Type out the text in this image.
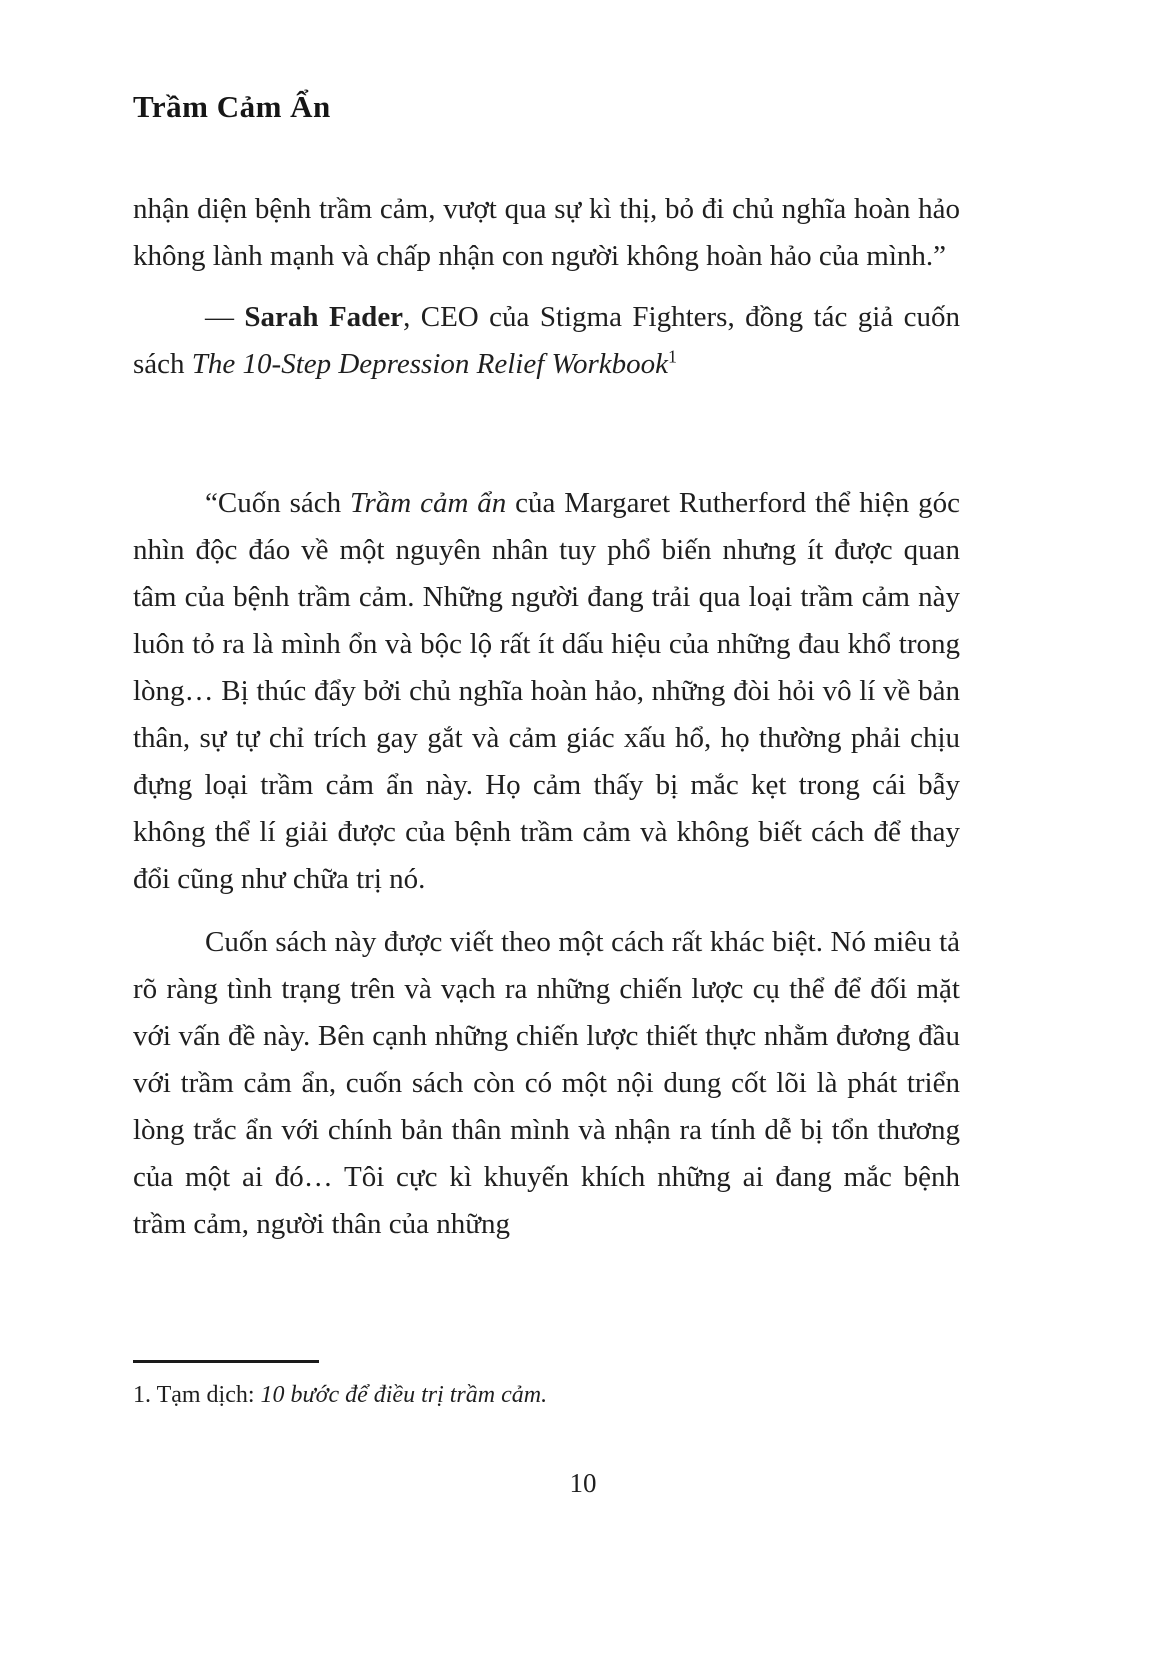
Trầm Cảm Ẩn

nhận diện bệnh trầm cảm, vượt qua sự kì thị, bỏ đi chủ nghĩa hoàn hảo không lành mạnh và chấp nhận con người không hoàn hảo của mình.”

— Sarah Fader, CEO của Stigma Fighters, đồng tác giả cuốn sách The 10-Step Depression Relief Workbook$^1$

“Cuốn sách Trầm cảm ẩn của Margaret Rutherford thể hiện góc nhìn độc đáo về một nguyên nhân tuy phổ biến nhưng ít được quan tâm của bệnh trầm cảm. Những người đang trải qua loại trầm cảm này luôn tỏ ra là mình ổn và bộc lộ rất ít dấu hiệu của những đau khổ trong lòng… Bị thúc đẩy bởi chủ nghĩa hoàn hảo, những đòi hỏi vô lí về bản thân, sự tự chỉ trích gay gắt và cảm giác xấu hổ, họ thường phải chịu đựng loại trầm cảm ẩn này. Họ cảm thấy bị mắc kẹt trong cái bẫy không thể lí giải được của bệnh trầm cảm và không biết cách để thay đổi cũng như chữa trị nó.

Cuốn sách này được viết theo một cách rất khác biệt. Nó miêu tả rõ ràng tình trạng trên và vạch ra những chiến lược cụ thể để đối mặt với vấn đề này. Bên cạnh những chiến lược thiết thực nhằm đương đầu với trầm cảm ẩn, cuốn sách còn có một nội dung cốt lõi là phát triển lòng trắc ẩn với chính bản thân mình và nhận ra tính dễ bị tổn thương của một ai đó… Tôi cực kì khuyến khích những ai đang mắc bệnh trầm cảm, người thân của những

1. Tạm dịch: 10 bước để điều trị trầm cảm.

10
